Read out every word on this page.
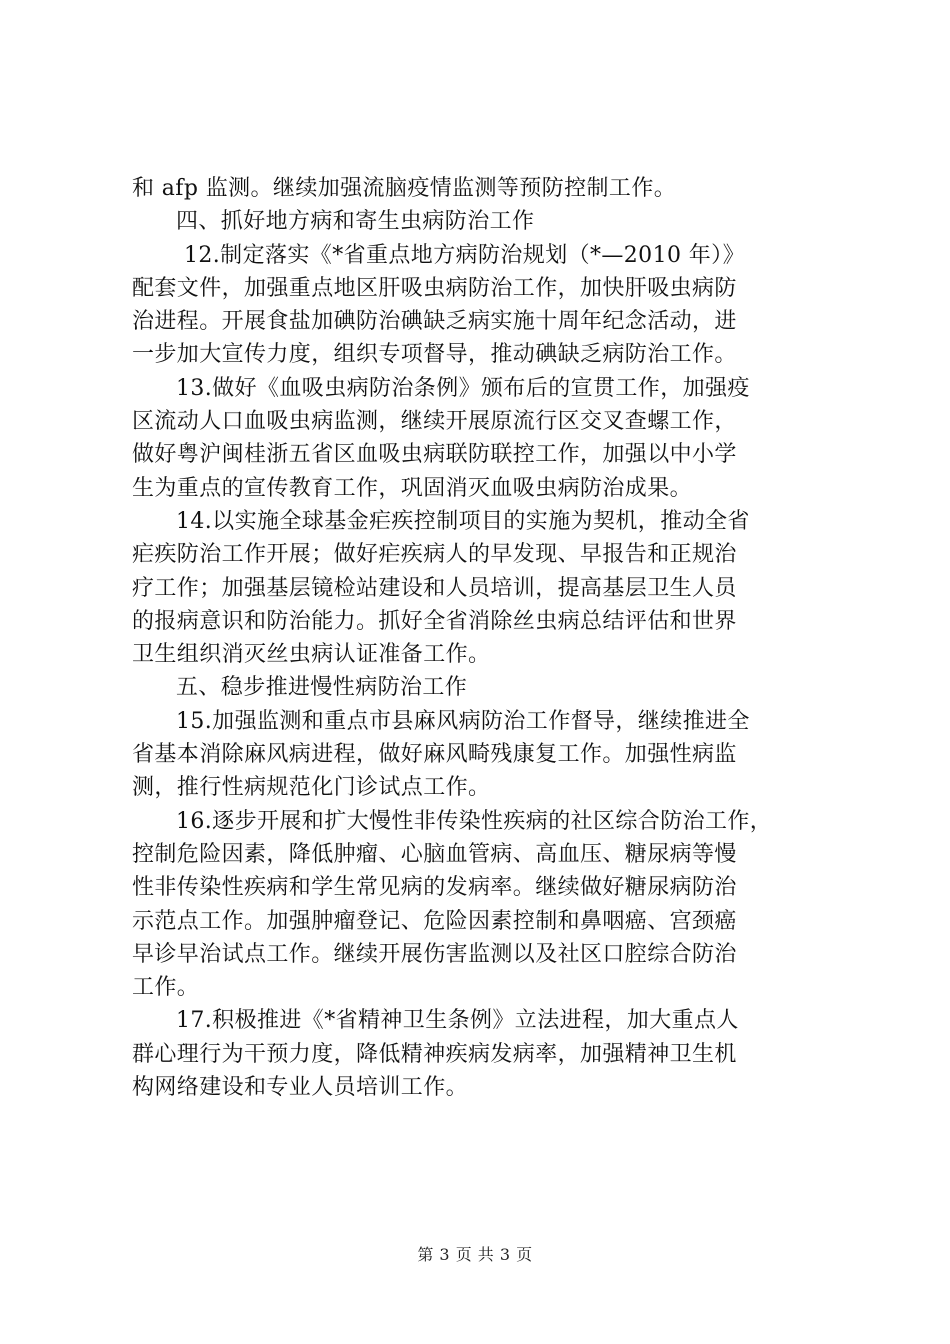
和 afp 监测。继续加强流脑疫情监测等预防控制工作。
四、抓好地方病和寄生虫病防治工作
12.制定落实《*省重点地方病防治规划（*—2010 年）》
配套文件，加强重点地区肝吸虫病防治工作，加快肝吸虫病防
治进程。开展食盐加碘防治碘缺乏病实施十周年纪念活动，进
一步加大宣传力度，组织专项督导，推动碘缺乏病防治工作。
13.做好《血吸虫病防治条例》颁布后的宣贯工作，加强疫
区流动人口血吸虫病监测，继续开展原流行区交叉查螺工作，
做好粤沪闽桂浙五省区血吸虫病联防联控工作，加强以中小学
生为重点的宣传教育工作，巩固消灭血吸虫病防治成果。
14.以实施全球基金疟疾控制项目的实施为契机，推动全省
疟疾防治工作开展；做好疟疾病人的早发现、早报告和正规治
疗工作；加强基层镜检站建设和人员培训，提高基层卫生人员
的报病意识和防治能力。抓好全省消除丝虫病总结评估和世界
卫生组织消灭丝虫病认证准备工作。
五、稳步推进慢性病防治工作
15.加强监测和重点市县麻风病防治工作督导，继续推进全
省基本消除麻风病进程，做好麻风畸残康复工作。加强性病监
测，推行性病规范化门诊试点工作。
16.逐步开展和扩大慢性非传染性疾病的社区综合防治工作，
控制危险因素，降低肿瘤、心脑血管病、高血压、糖尿病等慢
性非传染性疾病和学生常见病的发病率。继续做好糖尿病防治
示范点工作。加强肿瘤登记、危险因素控制和鼻咽癌、宫颈癌
早诊早治试点工作。继续开展伤害监测以及社区口腔综合防治
工作。
17.积极推进《*省精神卫生条例》立法进程，加大重点人
群心理行为干预力度，降低精神疾病发病率，加强精神卫生机
构网络建设和专业人员培训工作。
第 3 页 共 3 页
